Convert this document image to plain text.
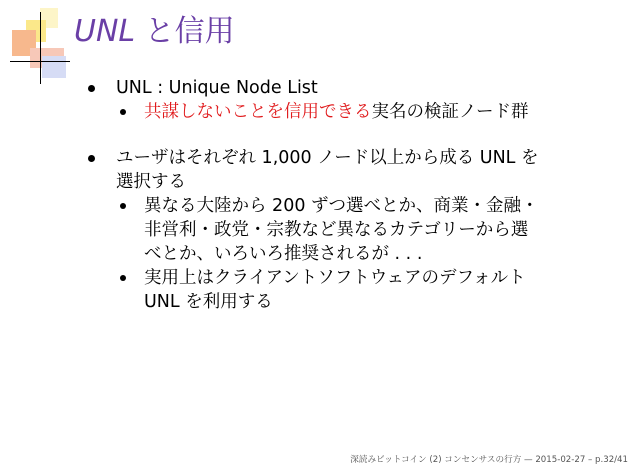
UNL と信用
UNL : Unique Node List
共謀しないことを信用できる実名の検証ノード群
ユーザはそれぞれ 1,000 ノード以上から成る UNL を
選択する
異なる大陸から 200 ずつ選べとか、商業・金融・
非営利・政党・宗教など異なるカテゴリーから選
べとか、いろいろ推奨されるが . . .
実用上はクライアントソフトウェアのデフォルト
UNL を利用する
深読みビットコイン (2) コンセンサスの行方 — 2015-02-27 – p.32/41
